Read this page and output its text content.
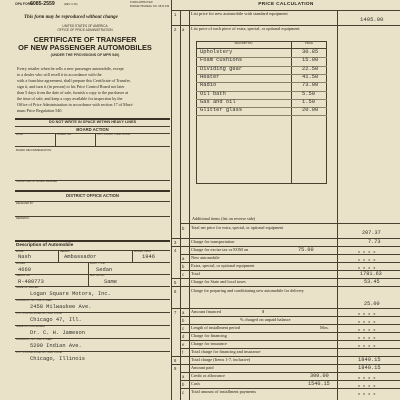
OPA FORM
6085-2559	(REV. 6-45)
FORM APPROVED
BUDGET BUREAU NO. 08-R 349
This form may be reproduced without change
UNITED STATES OF AMERICA
OFFICE OF PRICE ADMINISTRATION
CERTIFICATE OF TRANSFER
OF NEW PASSENGER AUTOMOBILES
(UNDER THE PROVISIONS OF MPR 540)
Every retailer when he sells a new passenger automobile, except
to a dealer who will resell it in accordance with the
with a franchise agreement, shall prepare this Certificate of Transfer,
sign it, and turn it (in person) to his Price Control Board not later
than 5 days from the date of sale, furnish a copy to the purchaser at
the time of sale, and keep a copy available for inspection by the
Office of Price Administration in accordance with section 17 of Maxi-
mum Price Regulation 540.
DO NOT WRITE IN SPACE WITHIN HEAVY LINES
BOARD ACTION
DATE	BOARD NO.	CITY, COUNTY, AND STATE
BOARD RECOMMENDATION:
SIGNATURE OF BOARD MEMBER
DISTRICT OFFICE ACTION
RECEIVED BY
REMARKS:
Description of Automobile
MAKE
Nash
SERIES
Ambassador
MODEL YEAR
1946
MODEL
4660
BODY TYPE
Sedan
SERIAL NO.
R-480773
MOTOR NO.
Same
NAME OF SELLER
Logan Square Motors, Inc.
ADDRESS—NO. AND STREET
2458 Milwaukee Ave.
CITY, POSTAL ZONE NO., AND STATE
Chicago 47, Ill.
NAME OF PURCHASER
Dr. C. H. Jameson
ADDRESS—NO. AND STREET
5200 Indian Ave.
CITY, POSTAL ZONE NO., AND STATE
Chicago, Illinois
PRICE CALCULATION
1	List price for new automobile with standard equipment
1405.00
2 a List price of each piece of extra, special, or optional equipment
DESCRIPTION	PRICE
Upholstery	30.85
Foam cushions	15.00
Dividing gear	22.50
Heater	41.50
Radio	73.00
Oil bath	5.50
Gas and oil	1.50
Glitter glass	20.00
Additional items (list on reverse side)
b Total net price for extra, special, or optional equipment
207.37
3	Charge for transportation	7.73
4	Charge for excise tax or EOM on	75.00	x x x x
a New automobile	x x x x
b Extra, special, or optional equipment	x x x x
c Total	1781.63
5	Charge for State and local taxes	53.45
6	Charge for preparing and conditioning new automobile for delivery
25.00
7 a Amount financed	$	x x x x
b	% charged on unpaid balance	x x x x
c Length of installment period	Mos.	x x x x
d Charge for financing	x x x x
e Charge for insurance	x x x x
f Total charge for financing and insurance
8	Total charge (Items 1-7, inclusive)	1840.15
9	Amount paid	1840.15
a Credit or allowance	300.00	x x x x
b Cash	1540.15	x x x x
c Total amount of installment payments	x x x x
